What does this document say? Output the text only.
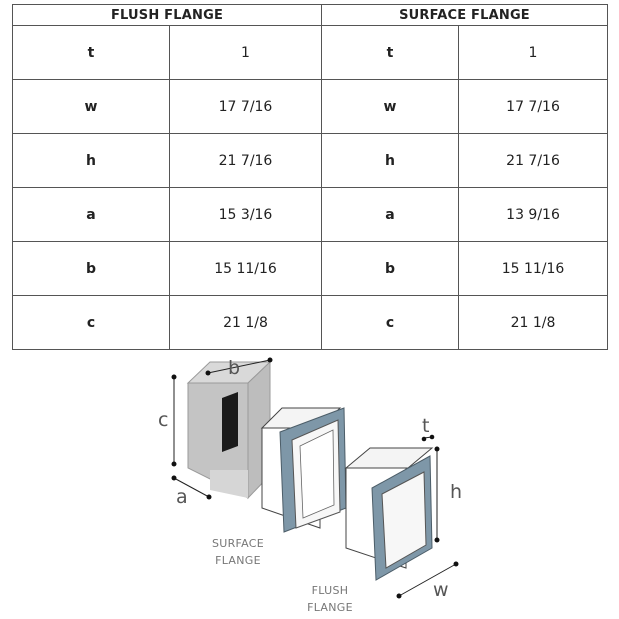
FLUSH FLANGE		SURFACE FLANGE	
t	1	t	1
w	17 7/16	w	17 7/16
h	21 7/16	h	21 7/16
a	15 3/16	a	13 9/16
b	15 11/16	b	15 11/16
c	21 1/8	c	21 1/8
b
c
a
t
h
w
SURFACE
FLANGE
FLUSH
FLANGE
